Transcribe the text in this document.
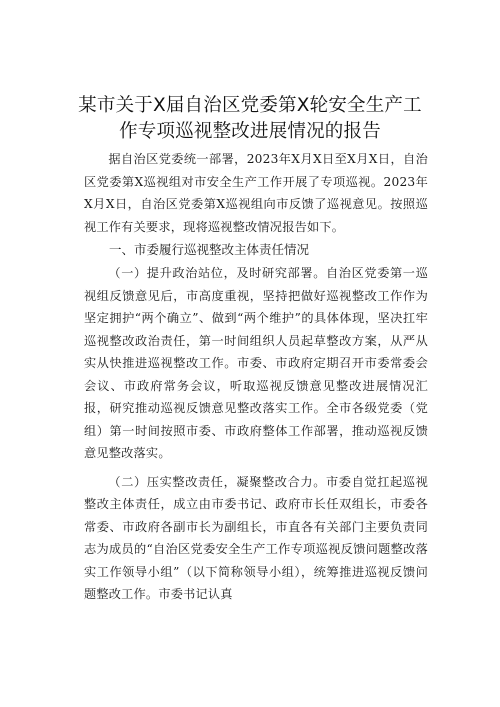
某市关于X届自治区党委第X轮安全生产工
作专项巡视整改进展情况的报告

据自治区党委统一部署，2023年X月X日至X月X日，自治区党委第X巡视组对市安全生产工作开展了专项巡视。2023年X月X日，自治区党委第X巡视组向市反馈了巡视意见。按照巡视工作有关要求，现将巡视整改情况报告如下。

一、市委履行巡视整改主体责任情况

（一）提升政治站位，及时研究部署。自治区党委第一巡视组反馈意见后，市高度重视，坚持把做好巡视整改工作作为坚定拥护“两个确立”、做到“两个维护”的具体体现，坚决扛牢巡视整改政治责任，第一时间组织人员起草整改方案，从严从实从快推进巡视整改工作。市委、市政府定期召开市委常委会会议、市政府常务会议，听取巡视反馈意见整改进展情况汇报，研究推动巡视反馈意见整改落实工作。全市各级党委（党组）第一时间按照市委、市政府整体工作部署，推动巡视反馈意见整改落实。

（二）压实整改责任，凝聚整改合力。市委自觉扛起巡视整改主体责任，成立由市委书记、政府市长任双组长，市委各常委、市政府各副市长为副组长，市直各有关部门主要负责同志为成员的“自治区党委安全生产工作专项巡视反馈问题整改落实工作领导小组”（以下简称领导小组），统筹推进巡视反馈问题整改工作。市委书记认真
